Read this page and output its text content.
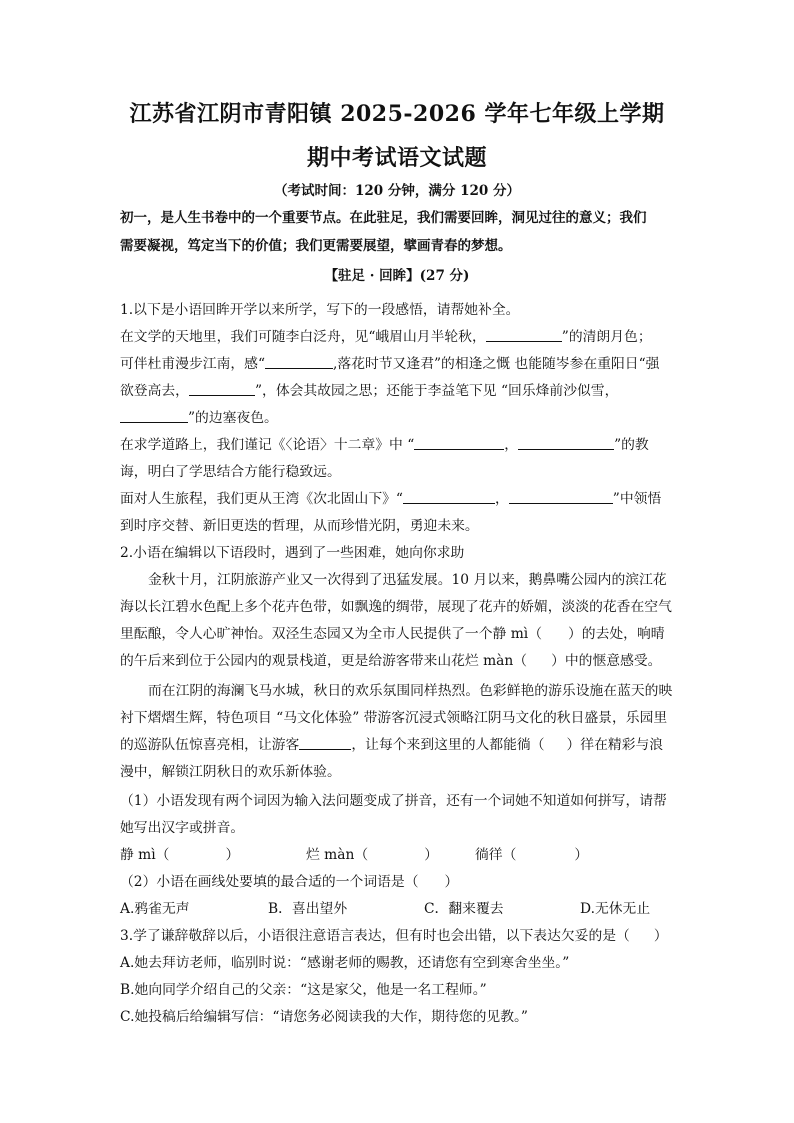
江苏省江阴市青阳镇 2025-2026 学年七年级上学期
期中考试语文试题
（考试时间：120 分钟，满分 120 分）
初一，是人生书卷中的一个重要节点。在此驻足，我们需要回眸，洞见过往的意义；我们
需要凝视，笃定当下的价值；我们更需要展望，擘画青春的梦想。
【驻足 · 回眸】(27 分)
1.以下是小语回眸开学以来所学，写下的一段感悟，请帮她补全。
在文学的天地里，我们可随李白泛舟，见“峨眉山月半轮秋，	”的清朗月色；
可伴杜甫漫步江南，感“	,落花时节又逢君”的相逢之慨 也能随岑参在重阳日“强
欲登高去，	”，体会其故园之思；还能于李益笔下见 “回乐烽前沙似雪，
”的边塞夜色。
在求学道路上，我们谨记《〈论语〉十二章》中 “	，	”的教
诲，明白了学思结合方能行稳致远。
面对人生旅程，我们更从王湾《次北固山下》“	，	”中领悟
到时序交替、新旧更迭的哲理，从而珍惜光阴，勇迎未来。
2.小语在编辑以下语段时，遇到了一些困难，她向你求助
金秋十月，江阴旅游产业又一次得到了迅猛发展。10 月以来，鹅鼻嘴公园内的滨江花
海以长江碧水色配上多个花卉色带，如飘逸的绸带，展现了花卉的娇媚，淡淡的花香在空气
里酝酿，令人心旷神怡。双泾生态园又为全市人民提供了一个静 mì（ ）的去处，响晴
的午后来到位于公园内的观景栈道，更是给游客带来山花烂 màn（ ）中的惬意感受。
而在江阴的海澜飞马水城，秋日的欢乐氛围同样热烈。色彩鲜艳的游乐设施在蓝天的映
衬下熠熠生辉，特色项目 “马文化体验” 带游客沉浸式领略江阴马文化的秋日盛景，乐园里
的巡游队伍惊喜亮相，让游客	，让每个来到这里的人都能徜（ ）徉在精彩与浪
漫中，解锁江阴秋日的欢乐新体验。
（1）小语发现有两个词因为输入法问题变成了拼音，还有一个词她不知道如何拼写，请帮
她写出汉字或拼音。
静 mì（	）	烂 màn（	）	徜徉（	）
（2）小语在画线处要填的最合适的一个词语是（ ）
A.鸦雀无声	B．喜出望外	C．翻来覆去	D.无休无止
3.学了谦辞敬辞以后，小语很注意语言表达，但有时也会出错，以下表达欠妥的是（ ）
A.她去拜访老师，临别时说：“感谢老师的赐教，还请您有空到寒舍坐坐。”
B.她向同学介绍自己的父亲：“这是家父，他是一名工程师。”
C.她投稿后给编辑写信：“请您务必阅读我的大作，期待您的见教。”
